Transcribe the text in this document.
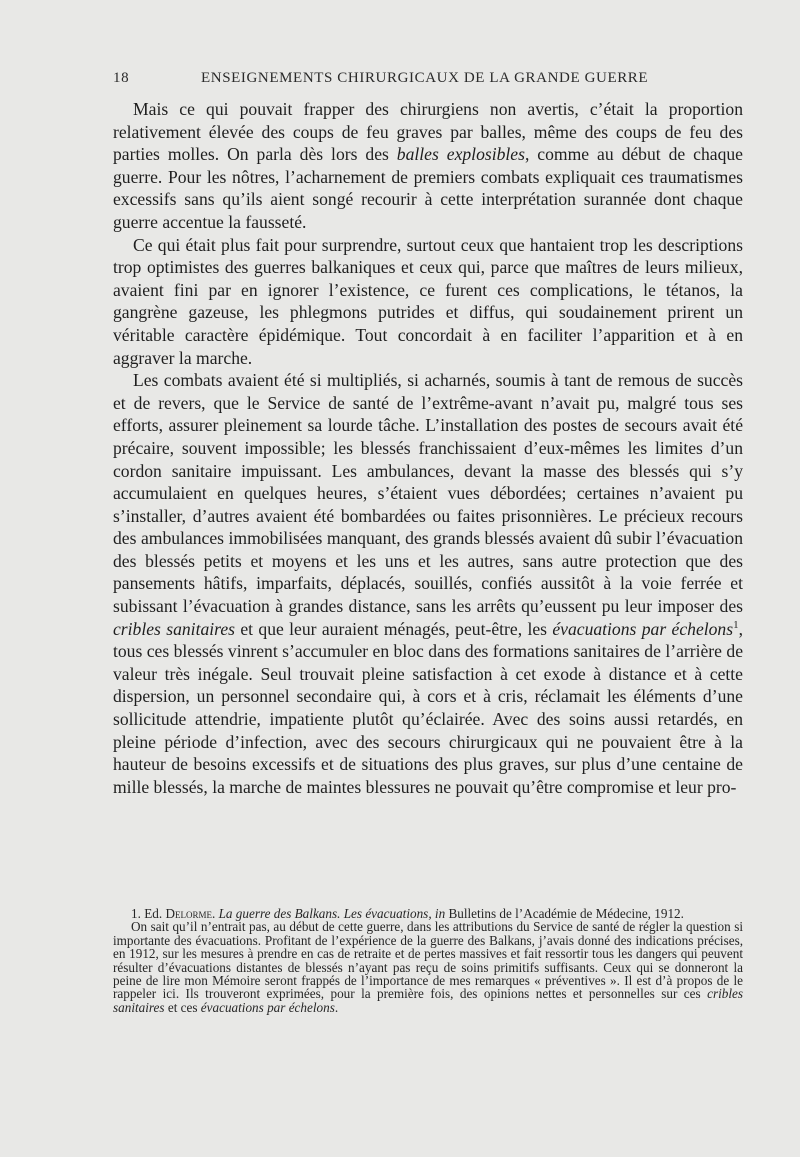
18	ENSEIGNEMENTS CHIRURGICAUX DE LA GRANDE GUERRE

Mais ce qui pouvait frapper des chirurgiens non avertis, c’était la proportion relativement élevée des coups de feu graves par balles, même des coups de feu des parties molles. On parla dès lors des balles explosibles, comme au début de chaque guerre. Pour les nôtres, l’acharnement de premiers combats expliquait ces traumatismes excessifs sans qu’ils aient songé recourir à cette interprétation surannée dont chaque guerre accentue la fausseté.

Ce qui était plus fait pour surprendre, surtout ceux que hantaient trop les descriptions trop optimistes des guerres balkaniques et ceux qui, parce que maîtres de leurs milieux, avaient fini par en ignorer l’existence, ce furent ces complications, le tétanos, la gangrène gazeuse, les phlegmons putrides et diffus, qui soudainement prirent un véritable caractère épidémique. Tout concordait à en faciliter l’apparition et à en aggraver la marche.

Les combats avaient été si multipliés, si acharnés, soumis à tant de remous de succès et de revers, que le Service de santé de l’extrême-avant n’avait pu, malgré tous ses efforts, assurer pleinement sa lourde tâche. L’installation des postes de secours avait été précaire, souvent impossible; les blessés franchissaient d’eux-mêmes les limites d’un cordon sanitaire impuissant. Les ambulances, devant la masse des blessés qui s’y accumulaient en quelques heures, s’étaient vues débordées; certaines n’avaient pu s’installer, d’autres avaient été bombardées ou faites prisonnières. Le précieux recours des ambulances immobilisées manquant, des grands blessés avaient dû subir l’évacuation des blessés petits et moyens et les uns et les autres, sans autre protection que des pansements hâtifs, imparfaits, déplacés, souillés, confiés aussitôt à la voie ferrée et subissant l’évacuation à grandes distance, sans les arrêts qu’eussent pu leur imposer des cribles sanitaires et que leur auraient ménagés, peut-être, les évacuations par échelons$^1$, tous ces blessés vinrent s’accumuler en bloc dans des formations sanitaires de l’arrière de valeur très inégale. Seul trouvait pleine satisfaction à cet exode à distance et à cette dispersion, un personnel secondaire qui, à cors et à cris, réclamait les éléments d’une sollicitude attendrie, impatiente plutôt qu’éclairée. Avec des soins aussi retardés, en pleine période d’infection, avec des secours chirurgicaux qui ne pouvaient être à la hauteur de besoins excessifs et de situations des plus graves, sur plus d’une centaine de mille blessés, la marche de maintes blessures ne pouvait qu’être compromise et leur pro-

1. Ed. Delorme. La guerre des Balkans. Les évacuations, in Bulletins de l’Académie de Médecine, 1912.

On sait qu’il n’entrait pas, au début de cette guerre, dans les attributions du Service de santé de régler la question si importante des évacuations. Profitant de l’expérience de la guerre des Balkans, j’avais donné des indications précises, en 1912, sur les mesures à prendre en cas de retraite et de pertes massives et fait ressortir tous les dangers qui peuvent résulter d’évacuations distantes de blessés n’ayant pas reçu de soins primitifs suffisants. Ceux qui se donneront la peine de lire mon Mémoire seront frappés de l’importance de mes remarques « préventives ». Il est d’à propos de le rappeler ici. Ils trouveront exprimées, pour la première fois, des opinions nettes et personnelles sur ces cribles sanitaires et ces évacuations par échelons.
